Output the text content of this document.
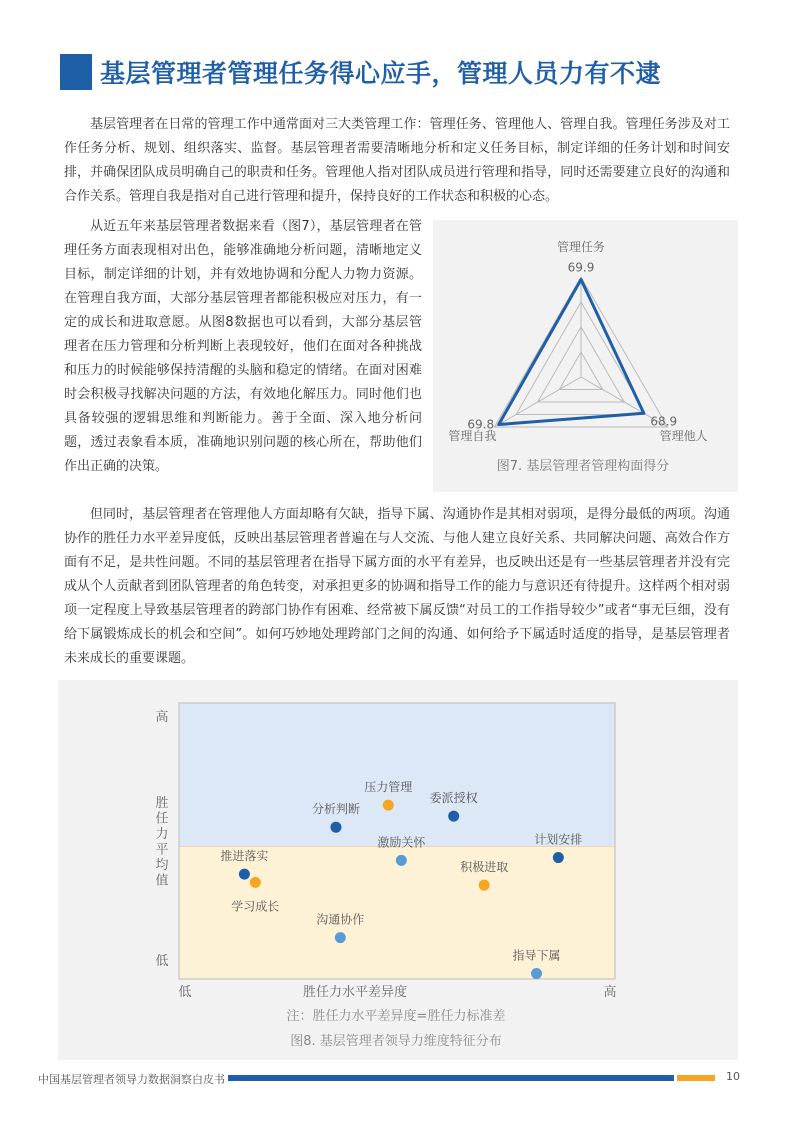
基层管理者管理任务得心应手，管理人员力有不逮

基层管理者在日常的管理工作中通常面对三大类管理工作：管理任务、管理他人、管理自我。管理任务涉及对工作任务分析、规划、组织落实、监督。基层管理者需要清晰地分析和定义任务目标，制定详细的任务计划和时间安排，并确保团队成员明确自己的职责和任务。管理他人指对团队成员进行管理和指导，同时还需要建立良好的沟通和合作关系。管理自我是指对自己进行管理和提升，保持良好的工作状态和积极的心态。

从近五年来基层管理者数据来看（图7），基层管理者在管理任务方面表现相对出色，能够准确地分析问题，清晰地定义目标，制定详细的计划，并有效地协调和分配人力物力资源。在管理自我方面，大部分基层管理者都能积极应对压力，有一定的成长和进取意愿。从图8数据也可以看到，大部分基层管理者在压力管理和分析判断上表现较好，他们在面对各种挑战和压力的时候能够保持清醒的头脑和稳定的情绪。在面对困难时会积极寻找解决问题的方法，有效地化解压力。同时他们也具备较强的逻辑思维和判断能力。善于全面、深入地分析问题，透过表象看本质，准确地识别问题的核心所在，帮助他们作出正确的决策。

管理任务
管理他人
管理自我
69.9
68.9
69.8
图7. 基层管理者管理构面得分

但同时，基层管理者在管理他人方面却略有欠缺，指导下属、沟通协作是其相对弱项，是得分最低的两项。沟通协作的胜任力水平差异度低，反映出基层管理者普遍在与人交流、与他人建立良好关系、共同解决问题、高效合作方面有不足，是共性问题。不同的基层管理者在指导下属方面的水平有差异，也反映出还是有一些基层管理者并没有完成从个人贡献者到团队管理者的角色转变，对承担更多的协调和指导工作的能力与意识还有待提升。这样两个相对弱项一定程度上导致基层管理者的跨部门协作有困难、经常被下属反馈“对员工的工作指导较少”或者“事无巨细，没有给下属锻炼成长的机会和空间”。如何巧妙地处理跨部门之间的沟通、如何给予下属适时适度的指导，是基层管理者未来成长的重要课题。

高
低
胜
任
力
平
均
值
低	高
胜任力水平差异度
压力管理
委派授权
分析判断
激励关怀	计划安排
推进落实
学习成长
积极进取
沟通协作
指导下属
注：胜任力水平差异度=胜任力标准差
图8. 基层管理者领导力维度特征分布
中国基层管理者领导力数据洞察白皮书	10
